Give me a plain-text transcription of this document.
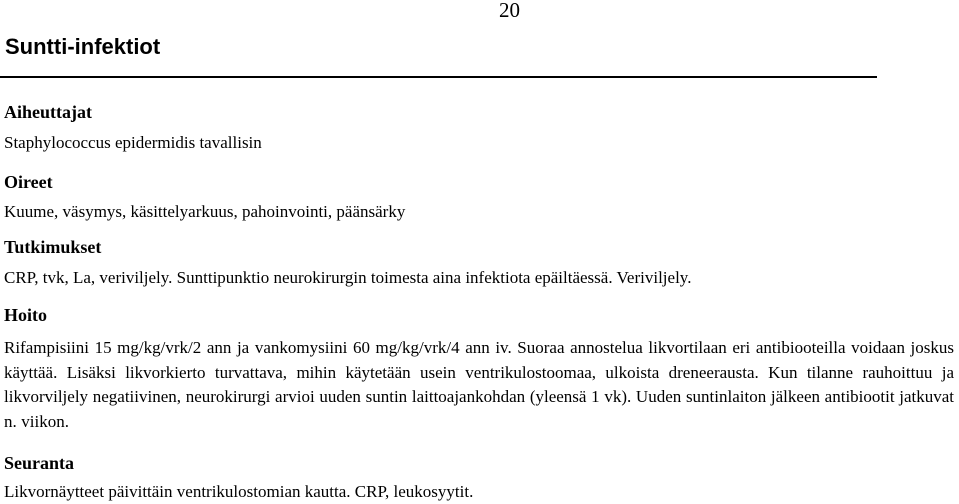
20
Suntti-infektiot
Aiheuttajat

Staphylococcus epidermidis tavallisin

Oireet

Kuume, väsymys, käsittelyarkuus, pahoinvointi, päänsärky

Tutkimukset

CRP, tvk, La, veriviljely. Sunttipunktio neurokirurgin toimesta aina infektiota epäiltäessä. Veriviljely.

Hoito

Rifampisiini 15 mg/kg/vrk/2 ann ja vankomysiini 60 mg/kg/vrk/4 ann iv. Suoraa annostelua likvortilaan eri antibiooteilla voidaan joskus käyttää. Lisäksi likvorkierto turvattava, mihin käytetään usein ventrikulostoomaa, ulkoista dreneerausta. Kun tilanne rauhoittuu ja likvorviljely negatiivinen, neurokirurgi arvioi uuden suntin laittoajankohdan (yleensä 1 vk). Uuden suntinlaiton jälkeen antibiootit jatkuvat n. viikon.

Seuranta

Likvornäytteet päivittäin ventrikulostomian kautta. CRP, leukosyytit.
